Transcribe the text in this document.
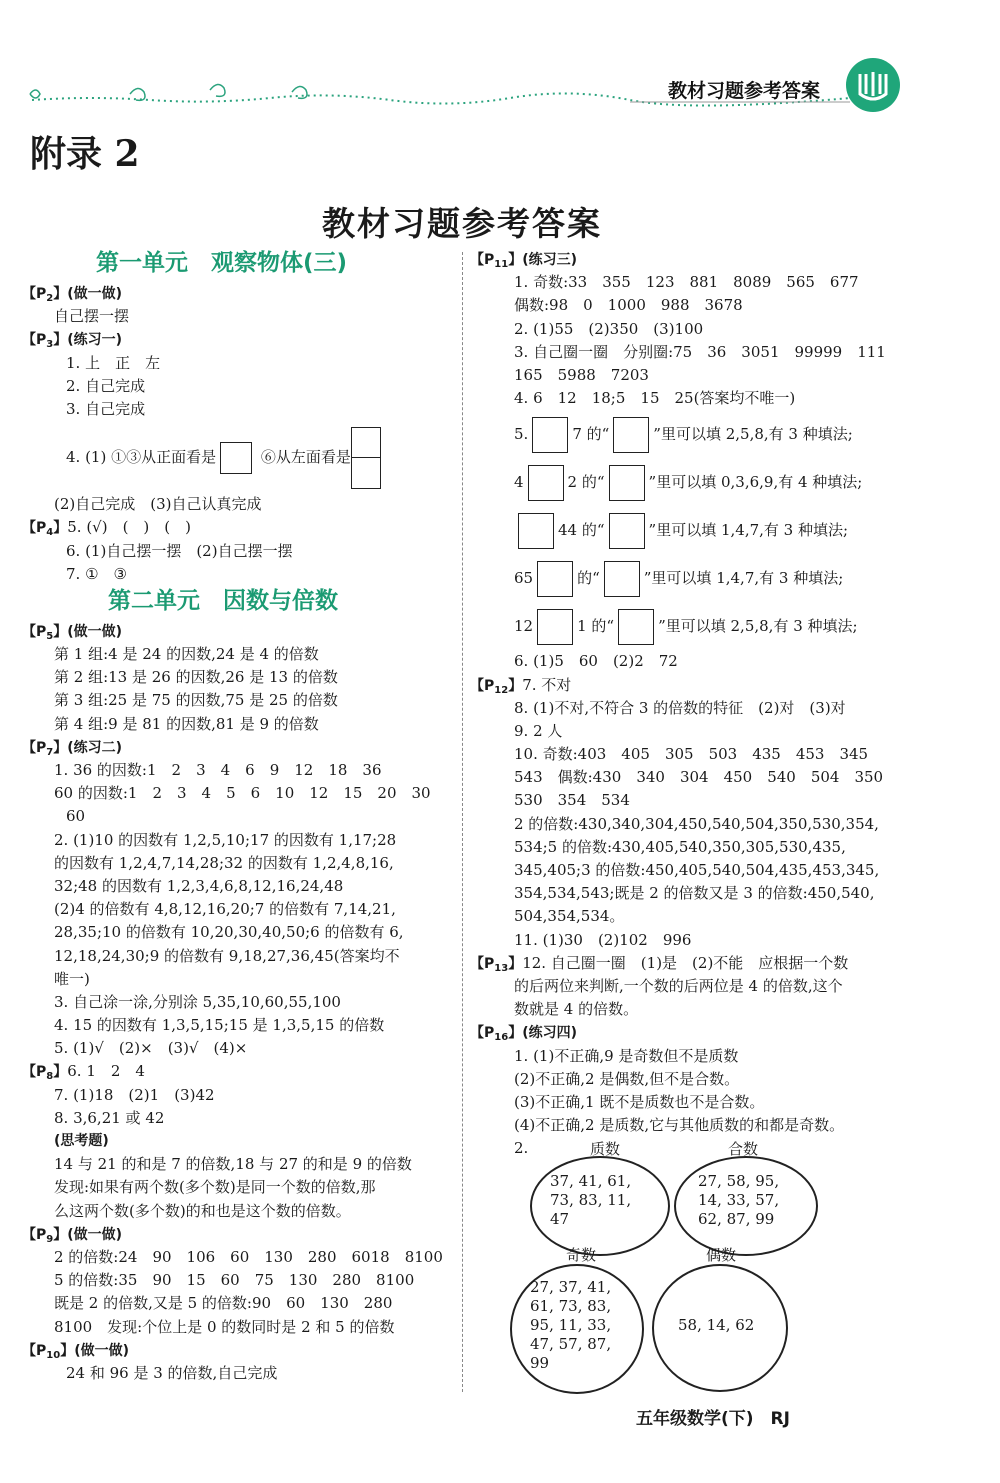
教材习题参考答案
附录 2
教材习题参考答案
第一单元　观察物体(三)
【$P_2$】(做一做)
自己摆一摆
【$P_3$】(练习一)
1. 上　正　左
2. 自己完成
3. 自己完成
4. (1) ①③从正面看是	⑥从左面看是
(2)自己完成　(3)自己认真完成
【$P_4$】5. (√)　(　)　(　)
6. (1)自己摆一摆　(2)自己摆一摆
7. ①　③
第二单元　因数与倍数
【$P_5$】(做一做)
第 1 组:4 是 24 的因数,24 是 4 的倍数
第 2 组:13 是 26 的因数,26 是 13 的倍数
第 3 组:25 是 75 的因数,75 是 25 的倍数
第 4 组:9 是 81 的因数,81 是 9 的倍数
【$P_7$】(练习二)
1. 36 的因数:1　2　3　4　6　9　12　18　36
60 的因数:1　2　3　4　5　6　10　12　15　20　30
60
2. (1)10 的因数有 1,2,5,10;17 的因数有 1,17;28
的因数有 1,2,4,7,14,28;32 的因数有 1,2,4,8,16,
32;48 的因数有 1,2,3,4,6,8,12,16,24,48
(2)4 的倍数有 4,8,12,16,20;7 的倍数有 7,14,21,
28,35;10 的倍数有 10,20,30,40,50;6 的倍数有 6,
12,18,24,30;9 的倍数有 9,18,27,36,45(答案均不
唯一)
3. 自己涂一涂,分别涂 5,35,10,60,55,100
4. 15 的因数有 1,3,5,15;15 是 1,3,5,15 的倍数
5. (1)√　(2)×　(3)√　(4)×
【$P_8$】6. 1　2　4
7. (1)18　(2)1　(3)42
8. 3,6,21 或 42
(思考题)
14 与 21 的和是 7 的倍数,18 与 27 的和是 9 的倍数
发现:如果有两个数(多个数)是同一个数的倍数,那
么这两个数(多个数)的和也是这个数的倍数。
【$P_9$】(做一做)
2 的倍数:24　90　106　60　130　280　6018　8100
5 的倍数:35　90　15　60　75　130　280　8100
既是 2 的倍数,又是 5 的倍数:90　60　130　280
8100　发现:个位上是 0 的数同时是 2 和 5 的倍数
【$P_{10}$】(做一做)
24 和 96 是 3 的倍数,自己完成
【$P_{11}$】(练习三)
1. 奇数:33　355　123　881　8089　565　677
偶数:98　0　1000　988　3678
2. (1)55　(2)350　(3)100
3. 自己圈一圈　分别圈:75　36　3051　99999　111
165　5988　7203
4. 6　12　18;5　15　25(答案均不唯一)
5.	7 的“	”里可以填 2,5,8,有 3 种填法;
4	2 的“	”里可以填 0,3,6,9,有 4 种填法;
44 的“	”里可以填 1,4,7,有 3 种填法;
65	的“	”里可以填 1,4,7,有 3 种填法;
12	1 的“	”里可以填 2,5,8,有 3 种填法;
6. (1)5　60　(2)2　72
【$P_{12}$】7. 不对
8. (1)不对,不符合 3 的倍数的特征　(2)对　(3)对
9. 2 人
10. 奇数:403　405　305　503　435　453　345
543　偶数:430　340　304　450　540　504　350
530　354　534
2 的倍数:430,340,304,450,540,504,350,530,354,
534;5 的倍数:430,405,540,350,305,530,435,
345,405;3 的倍数:450,405,540,504,435,453,345,
354,534,543;既是 2 的倍数又是 3 的倍数:450,540,
504,354,534。
11. (1)30　(2)102　996
【$P_{13}$】12. 自己圈一圈　(1)是　(2)不能　应根据一个数
的后两位来判断,一个数的后两位是 4 的倍数,这个
数就是 4 的倍数。
【$P_{16}$】(练习四)
1. (1)不正确,9 是奇数但不是质数
(2)不正确,2 是偶数,但不是合数。
(3)不正确,1 既不是质数也不是合数。
(4)不正确,2 是质数,它与其他质数的和都是奇数。
2.	质数
37, 41, 61,
73, 83, 11,
47
合数
27, 58, 95,
14, 33, 57,
62, 87, 99
奇数
27, 37, 41,
61, 73, 83,
95, 11, 33,
47, 57, 87,
99
偶数
58, 14, 62
五年级数学(下)　RJ
